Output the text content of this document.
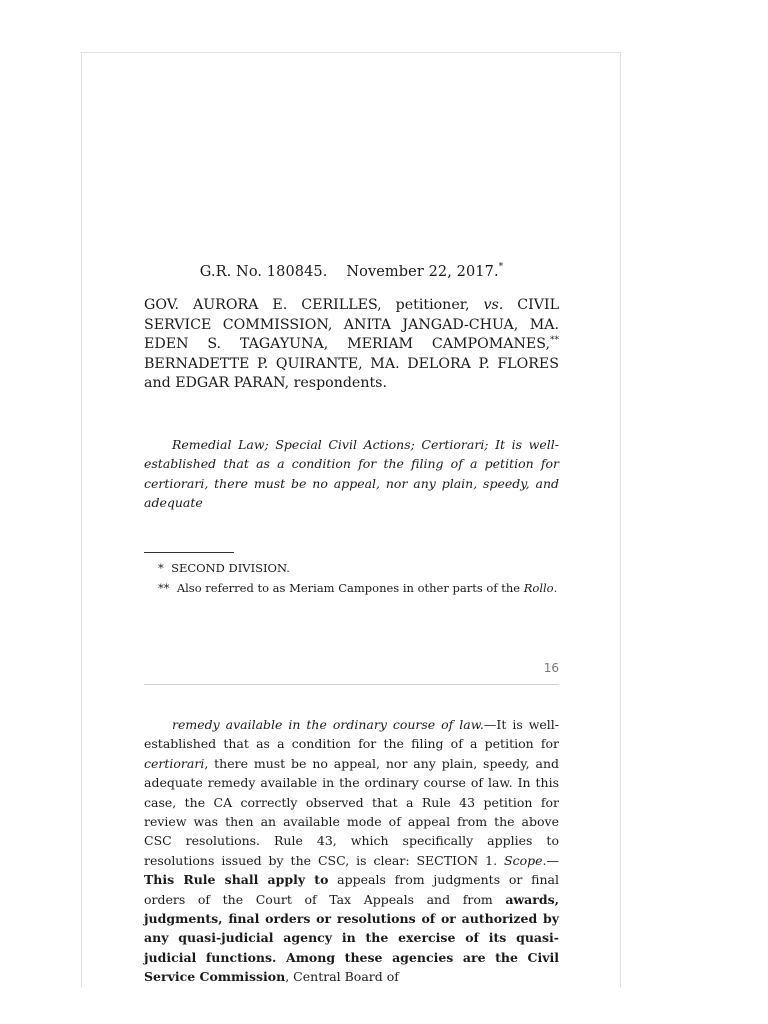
G.R. No. 180845. November 22, 2017.*
GOV. AURORA E. CERILLES, petitioner, vs. CIVIL SERVICE COMMISSION, ANITA JANGAD-CHUA, MA. EDEN S. TAGAYUNA, MERIAM CAMPOMANES,** BERNADETTE P. QUIRANTE, MA. DELORA P. FLORES and EDGAR PARAN, respondents.
Remedial Law; Special Civil Actions; Certiorari; It is well-established that as a condition for the filing of a petition for certiorari, there must be no appeal, nor any plain, speedy, and adequate
* SECOND DIVISION.
** Also referred to as Meriam Campones in other parts of the Rollo.
16

remedy available in the ordinary course of law.—It is well-established that as a condition for the filing of a petition for certiorari, there must be no appeal, nor any plain, speedy, and adequate remedy available in the ordinary course of law. In this case, the CA correctly observed that a Rule 43 petition for review was then an available mode of appeal from the above CSC resolutions. Rule 43, which specifically applies to resolutions issued by the CSC, is clear: SECTION 1. Scope.—This Rule shall apply to appeals from judgments or final orders of the Court of Tax Appeals and from awards, judgments, final orders or resolutions of or authorized by any quasi-judicial agency in the exercise of its quasi-judicial functions. Among these agencies are the Civil Service Commission, Central Board of
